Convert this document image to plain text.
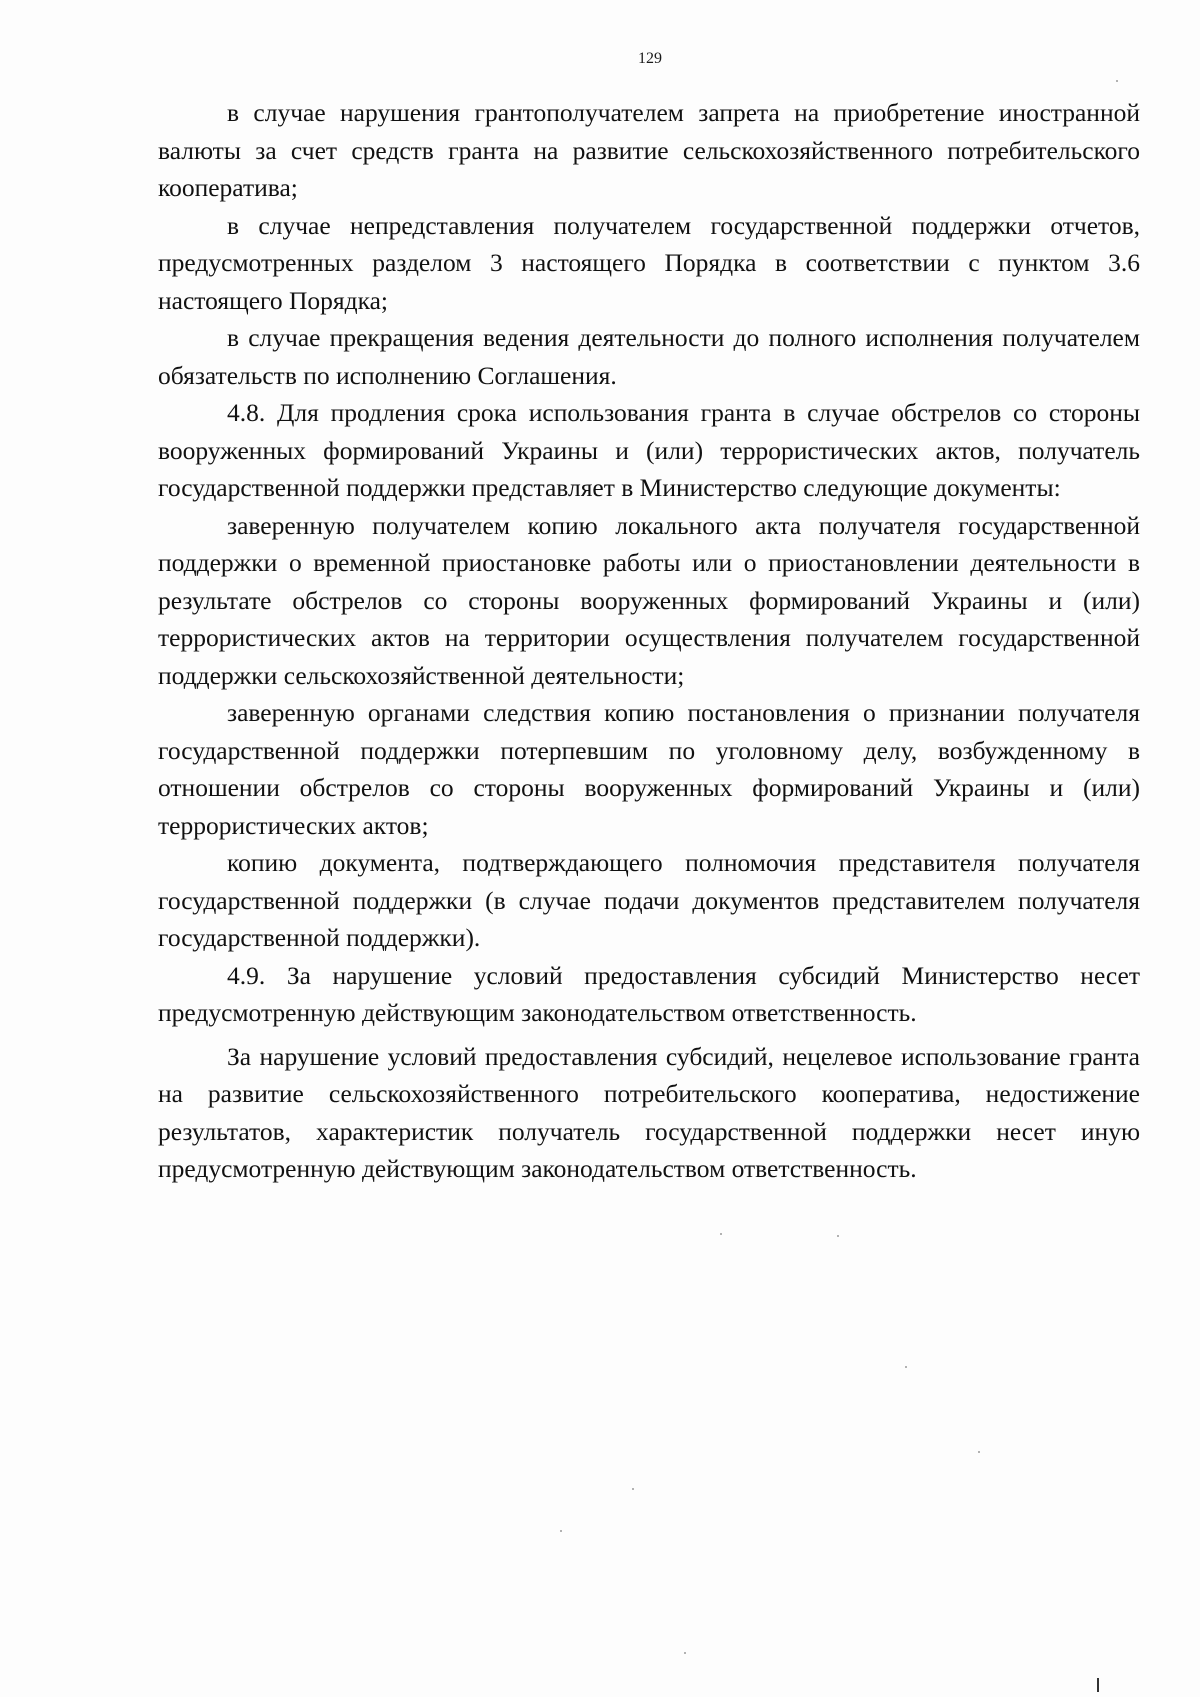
129

в случае нарушения грантополучателем запрета на приобретение иностранной валюты за счет средств гранта на развитие сельскохозяйственного потребительского кооператива;

в случае непредставления получателем государственной поддержки отчетов, предусмотренных разделом 3 настоящего Порядка в соответствии с пунктом 3.6 настоящего Порядка;

в случае прекращения ведения деятельности до полного исполнения получателем обязательств по исполнению Соглашения.

4.8. Для продления срока использования гранта в случае обстрелов со стороны вооруженных формирований Украины и (или) террористических актов, получатель государственной поддержки представляет в Министерство следующие документы:

заверенную получателем копию локального акта получателя государственной поддержки о временной приостановке работы или о приостановлении деятельности в результате обстрелов со стороны вооруженных формирований Украины и (или) террористических актов на территории осуществления получателем государственной поддержки сельскохозяйственной деятельности;

заверенную органами следствия копию постановления о признании получателя государственной поддержки потерпевшим по уголовному делу, возбужденному в отношении обстрелов со стороны вооруженных формирований Украины и (или) террористических актов;

копию документа, подтверждающего полномочия представителя получателя государственной поддержки (в случае подачи документов представителем получателя государственной поддержки).

4.9. За нарушение условий предоставления субсидий Министерство несет предусмотренную действующим законодательством ответственность.

За нарушение условий предоставления субсидий, нецелевое использование гранта на развитие сельскохозяйственного потребительского кооператива, недостижение результатов, характеристик получатель государственной поддержки несет иную предусмотренную действующим законодательством ответственность.
